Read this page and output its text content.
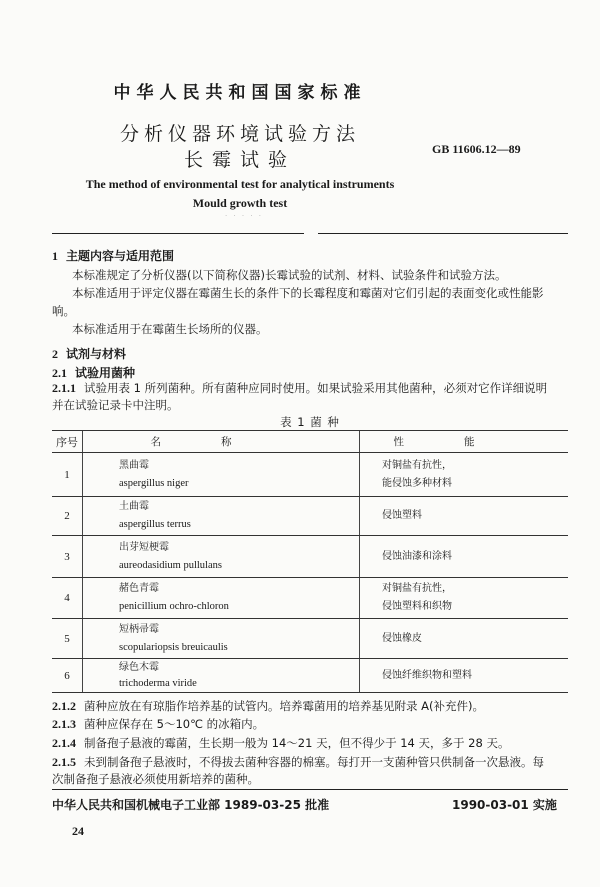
中华人民共和国国家标准
分析仪器环境试验方法
长霉试验	GB 11606.12—89
The method of environmental test for analytical instruments
Mould growth test
· · · · ·
1 主题内容与适用范围
本标准规定了分析仪器(以下简称仪器)长霉试验的试剂、材料、试验条件和试验方法。
本标准适用于评定仪器在霉菌生长的条件下的长霉程度和霉菌对它们引起的表面变化或性能影
响。
本标准适用于在霉菌生长场所的仪器。
2 试剂与材料
2.1 试验用菌种
2.1.1 试验用表 1 所列菌种。所有菌种应同时使用。如果试验采用其他菌种，必须对它作详细说明
并在试验记录卡中注明。
表 1 菌 种
序号	名称	性能
1	黑曲霉
aspergillus niger	对铜盐有抗性，
能侵蚀多种材料

2	土曲霉
aspergillus terrus	侵蚀塑料

3	出芽短梗霉
aureodasidium pullulans	侵蚀油漆和涂料

4	赭色青霉
penicillium ochro-chloron	对铜盐有抗性，
侵蚀塑料和织物

5	短柄帚霉
scopulariopsis breuicaulis	侵蚀橡皮

6	绿色木霉
trichoderma viride	侵蚀纤维织物和塑料
2.1.2 菌种应放在有琼脂作培养基的试管内。培养霉菌用的培养基见附录 A(补充件)。
2.1.3 菌种应保存在 5～10℃ 的冰箱内。
2.1.4 制备孢子悬液的霉菌，生长期一般为 14～21 天，但不得少于 14 天，多于 28 天。
2.1.5 未到制备孢子悬液时，不得拔去菌种容器的棉塞。每打开一支菌种管只供制备一次悬液。每
次制备孢子悬液必须使用新培养的菌种。
中华人民共和国机械电子工业部 1989-03-25 批准	1990-03-01 实施
24
